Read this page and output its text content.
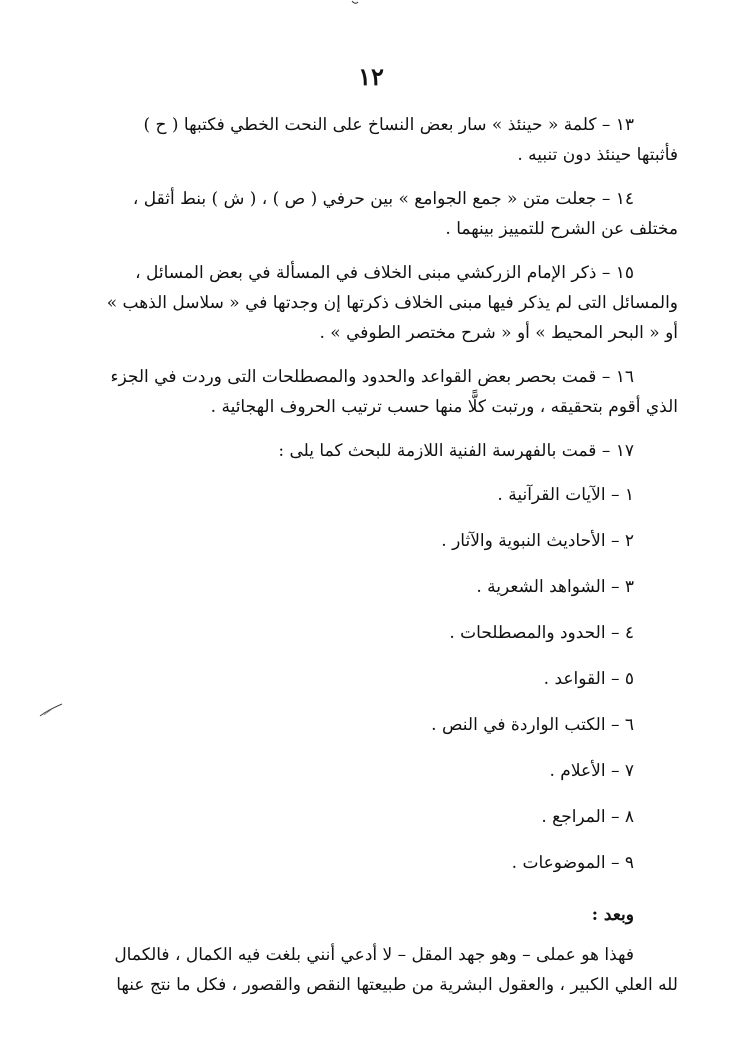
١٢

١٣ – كلمة « حينئذ » سار بعض النساخ على النحت الخطي فكتبها ( ح )
فأثبتها حينئذ دون تنبيه .

١٤ – جعلت متن « جمع الجوامع » بين حرفي ( ص ) ، ( ش ) بنط أثقل ،
مختلف عن الشرح للتمييز بينهما .

١٥ – ذكر الإمام الزركشي مبنى الخلاف في المسألة في بعض المسائل ،
والمسائل التى لم يذكر فيها مبنى الخلاف ذكرتها إن وجدتها في « سلاسل الذهب »
أو « البحر المحيط » أو « شرح مختصر الطوفي » .

١٦ – قمت بحصر بعض القواعد والحدود والمصطلحات التى وردت في الجزء
الذي أقوم بتحقيقه ، ورتبت كلًّا منها حسب ترتيب الحروف الهجائية .

١٧ – قمت بالفهرسة الفنية اللازمة للبحث كما يلى :

١ – الآيات القرآنية .
٢ – الأحاديث النبوية والآثار .
٣ – الشواهد الشعرية .
٤ – الحدود والمصطلحات .
٥ – القواعد .
٦ – الكتب الواردة في النص .
٧ – الأعلام .
٨ – المراجع .
٩ – الموضوعات .
وبعد :

فهذا هو عملى – وهو جهد المقل – لا أدعي أنني بلغت فيه الكمال ، فالكمال
لله العلي الكبير ، والعقول البشرية من طبيعتها النقص والقصور ، فكل ما نتج عنها
